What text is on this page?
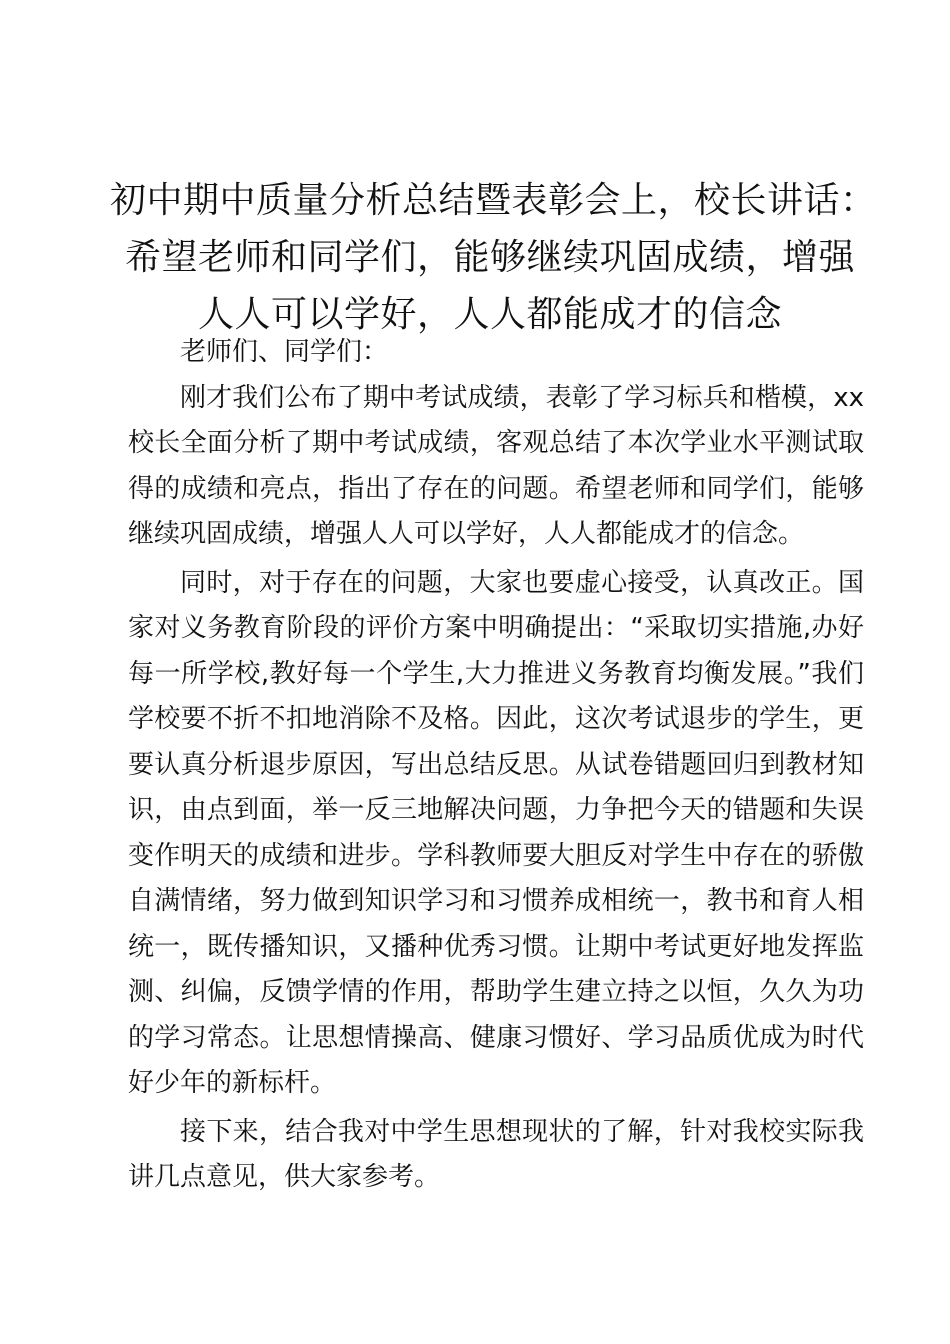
初中期中质量分析总结暨表彰会上，校长讲话：
希望老师和同学们，能够继续巩固成绩，增强
人人可以学好，人人都能成才的信念

老师们、同学们：

刚才我们公布了期中考试成绩，表彰了学习标兵和楷模，xx校长全面分析了期中考试成绩，客观总结了本次学业水平测试取得的成绩和亮点，指出了存在的问题。希望老师和同学们，能够继续巩固成绩，增强人人可以学好，人人都能成才的信念。

同时，对于存在的问题，大家也要虚心接受，认真改正。国家对义务教育阶段的评价方案中明确提出：“采取切实措施,办好每一所学校,教好每一个学生,大力推进义务教育均衡发展。”我们学校要不折不扣地消除不及格。因此，这次考试退步的学生，更要认真分析退步原因，写出总结反思。从试卷错题回归到教材知识，由点到面，举一反三地解决问题，力争把今天的错题和失误变作明天的成绩和进步。学科教师要大胆反对学生中存在的骄傲自满情绪，努力做到知识学习和习惯养成相统一，教书和育人相统一，既传播知识，又播种优秀习惯。让期中考试更好地发挥监测、纠偏，反馈学情的作用，帮助学生建立持之以恒，久久为功的学习常态。让思想情操高、健康习惯好、学习品质优成为时代好少年的新标杆。

接下来，结合我对中学生思想现状的了解，针对我校实际我讲几点意见，供大家参考。
